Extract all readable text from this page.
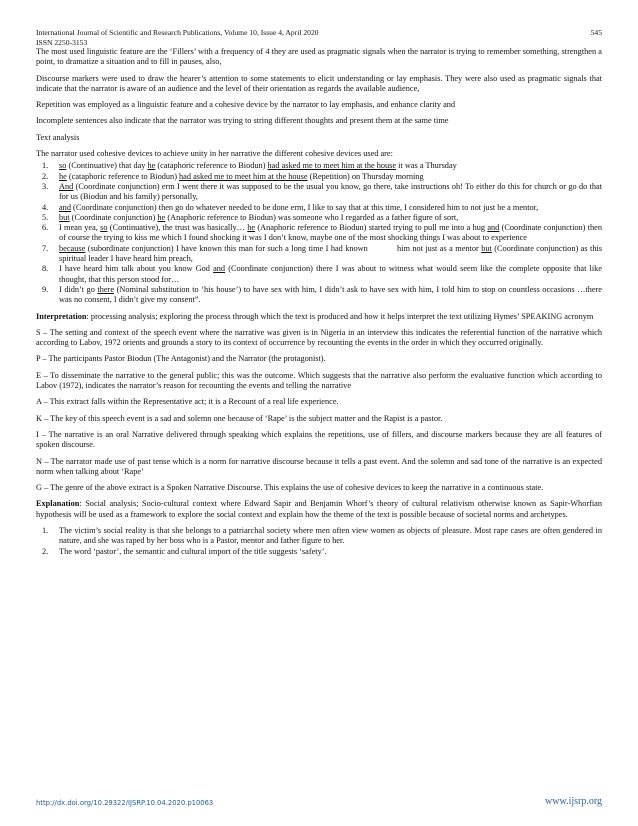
International Journal of Scientific and Research Publications, Volume 10, Issue 4, April 2020	545
ISSN 2250-3153

The most used linguistic feature are the ‘Fillers’ with a frequency of 4 they are used as pragmatic signals when the narrator is trying to remember something, strengthen a point, to dramatize a situation and to fill in pauses, also,

Discourse markers were used to draw the hearer’s attention to some statements to elicit understanding or lay emphasis. They were also used as pragmatic signals that indicate that the narrator is aware of an audience and the level of their orientation as regards the available audience,

Repetition was employed as a linguistic feature and a cohesive device by the narrator to lay emphasis, and enhance clarity and

Incomplete sentences also indicate that the narrator was trying to string different thoughts and present them at the same time

Text analysis

The narrator used cohesive devices to achieve unity in her narrative the different cohesive devices used are:

1. so (Continuative) that day he (cataphoric reference to Biodun) had asked me to meet him at the house it was a Thursday
2. he (cataphoric reference to Biodun) had asked me to meet him at the house (Repetition) on Thursday morning
3. And (Coordinate conjunction) erm I went there it was supposed to be the usual you know, go there, take instructions oh! To either do this for church or go do that for us (Biodun and his family) personally,
4. and (Coordinate conjunction) then go do whatever needed to be done erm, I like to say that at this time, I considered him to not just be a mentor,
5. but (Coordinate conjunction) he (Anaphoric reference to Biodun) was someone who I regarded as a father figure of sort,
6. I mean yea, so (Continuative), the trust was basically… he (Anaphoric reference to Biodun) started trying to pull me into a hug and (Coordinate conjunction) then of course the trying to kiss me which I found shocking it was I don’t know, maybe one of the most shocking things I was about to experience
7. because (subordinate conjunction) I have known this man for such a long time I had known            him not just as a mentor but (Coordinate conjunction) as this spiritual leader I have heard him preach,
8. I have heard him talk about you know God and (Coordinate conjunction) there I was about to witness what would seem like the complete opposite that like thought, that this person stood for…
9. I didn’t go there (Nominal substitution to ‘his house’) to have sex with him, I didn’t ask to have sex with him, I told him to stop on countless occasions …there was no consent, I didn’t give my consent”.

Interpretation: processing analysis; exploring the process through which the text is produced and how it helps interpret the text utilizing Hymes’ SPEAKING acronym

S – The setting and context of the speech event where the narrative was given is in Nigeria in an interview this indicates the referential function of the narrative which according to Labov, 1972 orients and grounds a story to its context of occurrence by recounting the events in the order in which they occurred originally.

P – The participants Pastor Biodun (The Antagonist) and the Narrator (the protagonist).

E – To disseminate the narrative to the general public; this was the outcome. Which suggests that the narrative also perform the evaluative function which according to Labov (1972), indicates the narrator’s reason for recounting the events and telling the narrative

A – This extract falls within the Representative act; it is a Recount of a real life experience.

K – The key of this speech event is a sad and solemn one because of ‘Rape’ is the subject matter and the Rapist is a pastor.

I – The narrative is an oral Narrative delivered through speaking which explains the repetitions, use of fillers, and discourse markers because they are all features of spoken discourse.

N – The narrator made use of past tense which is a norm for narrative discourse because it tells a past event. And the solemn and sad tone of the narrative is an expected norm when talking about ‘Rape’

G – The genre of the above extract is a Spoken Narrative Discourse. This explains the use of cohesive devices to keep the narrative in a continuous state.

Explanation: Social analysis; Socio-cultural context where Edward Sapir and Benjamin Whorf’s theory of cultural relativism otherwise known as Sapir-Whorfian hypothesis will be used as a framework to explore the social context and explain how the theme of the text is possible because of societal norms and archetypes.

1. The victim’s social reality is that she belongs to a patriarchal society where men often view women as objects of pleasure. Most rape cases are often gendered in nature, and she was raped by her boss who is a Pastor, mentor and father figure to her.
2. The word ‘pastor’, the semantic and cultural import of the title suggests ‘safety’.
http://dx.doi.org/10.29322/IJSRP.10.04.2020.p10063	www.ijsrp.org
